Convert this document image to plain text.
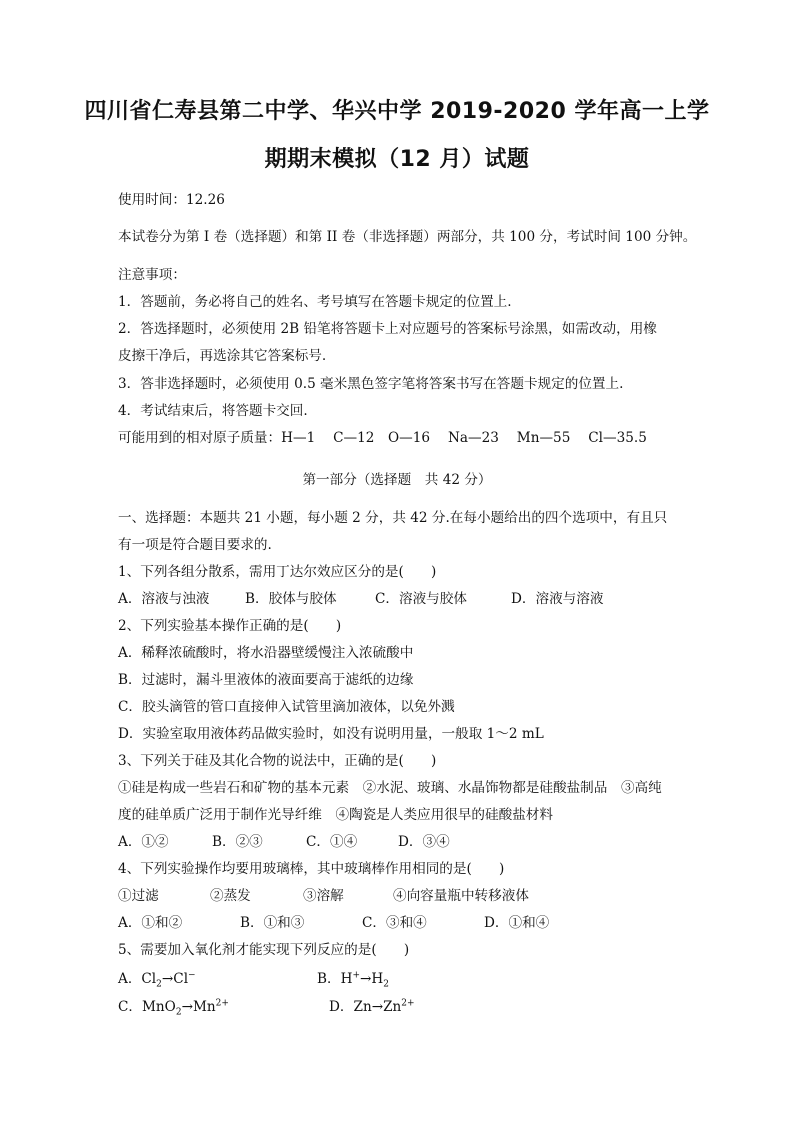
四川省仁寿县第二中学、华兴中学 2019-2020 学年高一上学
期期末模拟（12 月）试题
使用时间：12.26
本试卷分为第 I 卷（选择题）和第 II 卷（非选择题）两部分，共 100 分，考试时间 100 分钟。
注意事项：
1．答题前，务必将自己的姓名、考号填写在答题卡规定的位置上.
2．答选择题时，必须使用 2B 铅笔将答题卡上对应题号的答案标号涂黑，如需改动，用橡
皮擦干净后，再选涂其它答案标号.
3．答非选择题时，必须使用 0.5 毫米黑色签字笔将答案书写在答题卡规定的位置上.
4．考试结束后，将答题卡交回.
可能用到的相对原子质量：H—1　 C—12　O—16　 Na—23　 Mn—55　 Cl—35.5
第一部分（选择题　共 42 分）
一、选择题：本题共 21 小题，每小题 2 分，共 42 分.在每小题给出的四个选项中，有且只
有一项是符合题目要求的.
1、下列各组分散系，需用丁达尔效应区分的是(　　)
A．溶液与浊液	B．胶体与胶体	C．溶液与胶体	D．溶液与溶液
2、下列实验基本操作正确的是(　　)
A．稀释浓硫酸时，将水沿器壁缓慢注入浓硫酸中
B．过滤时，漏斗里液体的液面要高于滤纸的边缘
C．胶头滴管的管口直接伸入试管里滴加液体，以免外溅
D．实验室取用液体药品做实验时，如没有说明用量，一般取 1～2 mL
3、下列关于硅及其化合物的说法中，正确的是(　　)
①硅是构成一些岩石和矿物的基本元素　②水泥、玻璃、水晶饰物都是硅酸盐制品　③高纯
度的硅单质广泛用于制作光导纤维　④陶瓷是人类应用很早的硅酸盐材料
A．①②	B．②③	C．①④	D．③④
4、下列实验操作均要用玻璃棒，其中玻璃棒作用相同的是(　　)
①过滤	②蒸发	③溶解	④向容量瓶中转移液体
A．①和②	B．①和③	C．③和④	D．①和④
5、需要加入氧化剂才能实现下列反应的是(　　)
A．$Cl_2\to Cl^-$	B．$H^+\to H_2$
C．$MnO_2\to Mn^{2+}$	D．$Zn\to Zn^{2+}$
